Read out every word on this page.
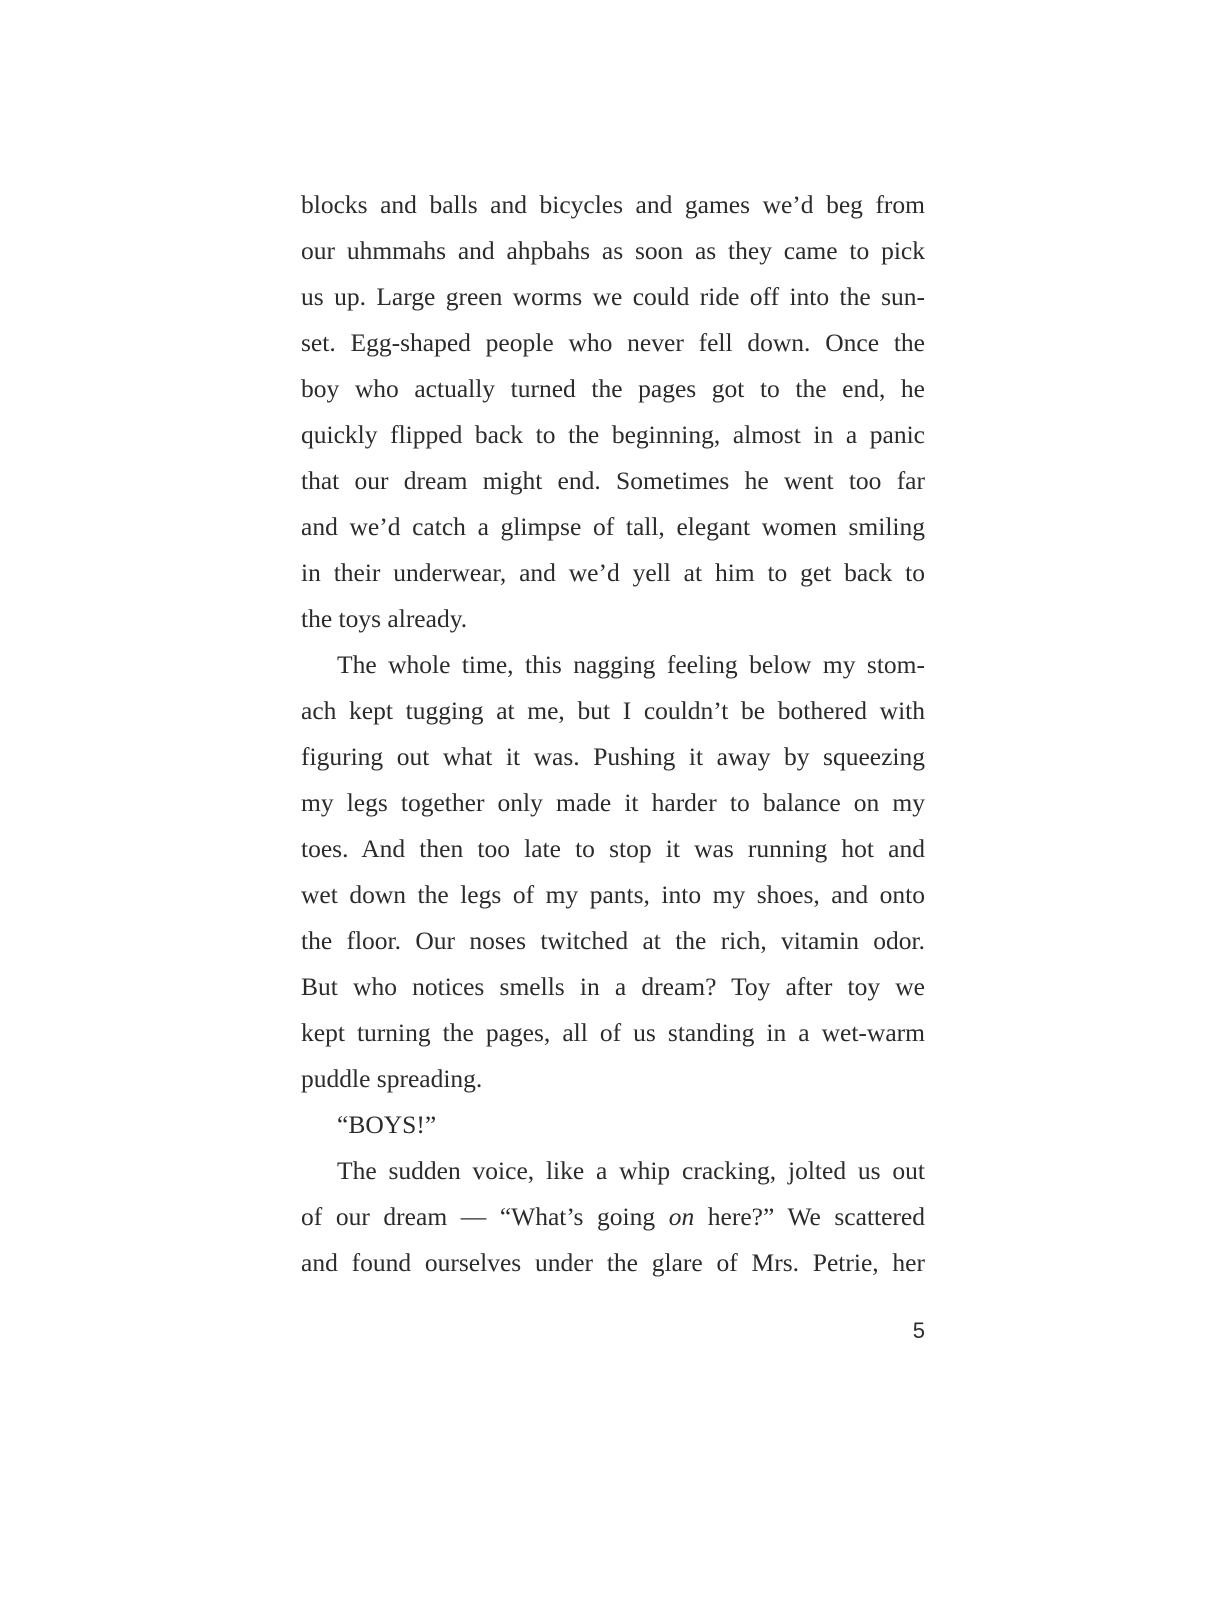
blocks and balls and bicycles and games we’d beg from
our uhmmahs and ahpbahs as soon as they came to pick
us up. Large green worms we could ride off into the sun-
set. Egg-shaped people who never fell down. Once the
boy who actually turned the pages got to the end, he
quickly flipped back to the beginning, almost in a panic
that our dream might end. Sometimes he went too far
and we’d catch a glimpse of tall, elegant women smiling
in their underwear, and we’d yell at him to get back to
the toys already.
The whole time, this nagging feeling below my stom-
ach kept tugging at me, but I couldn’t be bothered with
figuring out what it was. Pushing it away by squeezing
my legs together only made it harder to balance on my
toes. And then too late to stop it was running hot and
wet down the legs of my pants, into my shoes, and onto
the floor. Our noses twitched at the rich, vitamin odor.
But who notices smells in a dream? Toy after toy we
kept turning the pages, all of us standing in a wet-warm
puddle spreading.
“BOYS!”
The sudden voice, like a whip cracking, jolted us out
of our dream — “What’s going on here?” We scattered
and found ourselves under the glare of Mrs. Petrie, her
5
